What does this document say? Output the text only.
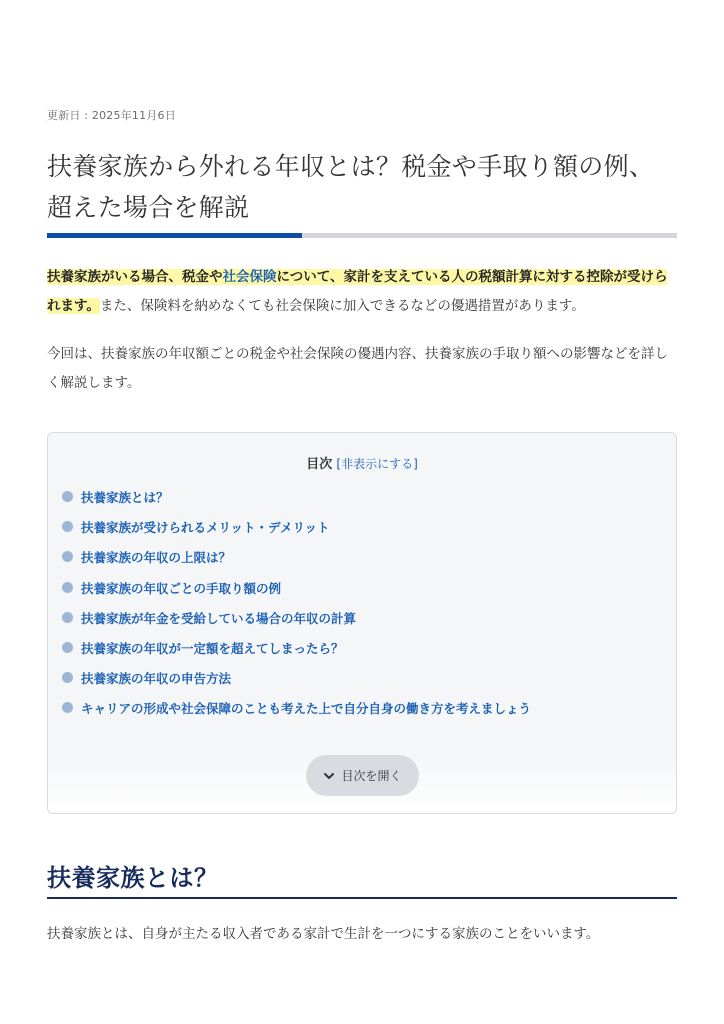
更新日 : 2025年11月6日
扶養家族から外れる年収とは？税金や手取り額の例、
超えた場合を解説

扶養家族がいる場合、税金や社会保険について、家計を支えている人の税額計算に対する控除が受けられます。また、保険料を納めなくても社会保険に加入できるなどの優遇措置があります。

今回は、扶養家族の年収額ごとの税金や社会保険の優遇内容、扶養家族の手取り額への影響などを詳しく解説します。

目次 [非表示にする]
扶養家族とは？
扶養家族が受けられるメリット・デメリット
扶養家族の年収の上限は？
扶養家族の年収ごとの手取り額の例
扶養家族が年金を受給している場合の年収の計算
扶養家族の年収が一定額を超えてしまったら？
扶養家族の年収の申告方法
キャリアの形成や社会保障のことも考えた上で自分自身の働き方を考えましょう
目次を開く
扶養家族とは？

扶養家族とは、自身が主たる収入者である家計で生計を一つにする家族のことをいいます。
